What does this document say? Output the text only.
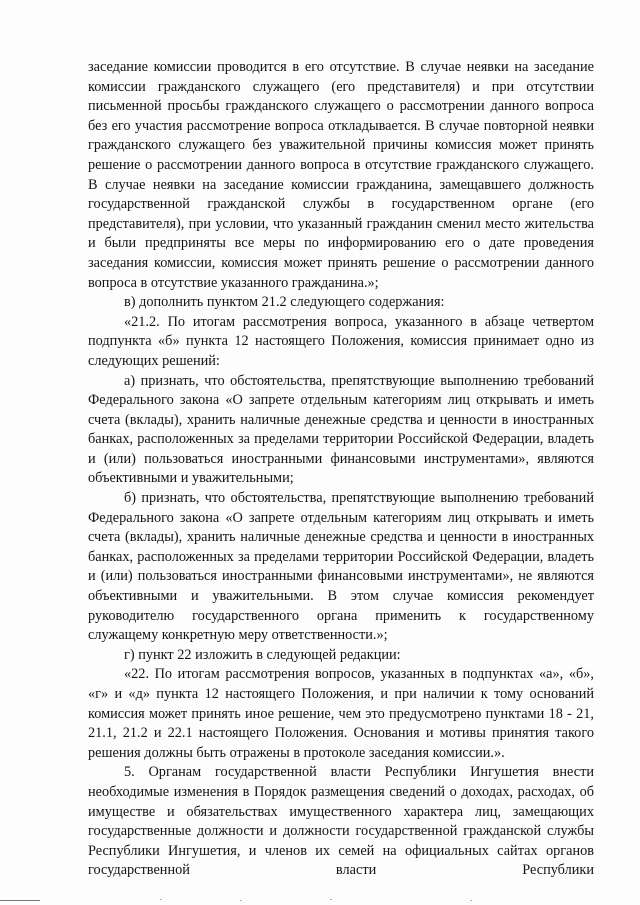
заседание комиссии проводится в его отсутствие. В случае неявки на заседание комиссии гражданского служащего (его представителя) и при отсутствии письменной просьбы гражданского служащего о рассмотрении данного вопроса без его участия рассмотрение вопроса откладывается. В случае повторной неявки гражданского служащего без уважительной причины комиссия может принять решение о рассмотрении данного вопроса в отсутствие гражданского служащего. В случае неявки на заседание комиссии гражданина, замещавшего должность государственной гражданской службы в государственном органе (его представителя), при условии, что указанный гражданин сменил место жительства и были предприняты все меры по информированию его о дате проведения заседания комиссии, комиссия может принять решение о рассмотрении данного вопроса в отсутствие указанного гражданина.»;

в) дополнить пунктом 21.2 следующего содержания:

«21.2. По итогам рассмотрения вопроса, указанного в абзаце четвертом подпункта «б» пункта 12 настоящего Положения, комиссия принимает одно из следующих решений:

а) признать, что обстоятельства, препятствующие выполнению требований Федерального закона «О запрете отдельным категориям лиц открывать и иметь счета (вклады), хранить наличные денежные средства и ценности в иностранных банках, расположенных за пределами территории Российской Федерации, владеть и (или) пользоваться иностранными финансовыми инструментами», являются объективными и уважительными;

б) признать, что обстоятельства, препятствующие выполнению требований Федерального закона «О запрете отдельным категориям лиц открывать и иметь счета (вклады), хранить наличные денежные средства и ценности в иностранных банках, расположенных за пределами территории Российской Федерации, владеть и (или) пользоваться иностранными финансовыми инструментами», не являются объективными и уважительными. В этом случае комиссия рекомендует руководителю государственного органа применить к государственному служащему конкретную меру ответственности.»;

г) пункт 22 изложить в следующей редакции:

«22. По итогам рассмотрения вопросов, указанных в подпунктах «а», «б», «г» и «д» пункта 12 настоящего Положения, и при наличии к тому оснований комиссия может принять иное решение, чем это предусмотрено пунктами 18 - 21, 21.1, 21.2 и 22.1 настоящего Положения. Основания и мотивы принятия такого решения должны быть отражены в протоколе заседания комиссии.».

5. Органам государственной власти Республики Ингушетия внести необходимые изменения в Порядок размещения сведений о доходах, расходах, об имуществе и обязательствах имущественного характера лиц, замещающих государственные должности и должности государственной гражданской службы Республики Ингушетия, и членов их семей на официальных сайтах органов государственной власти Республики
